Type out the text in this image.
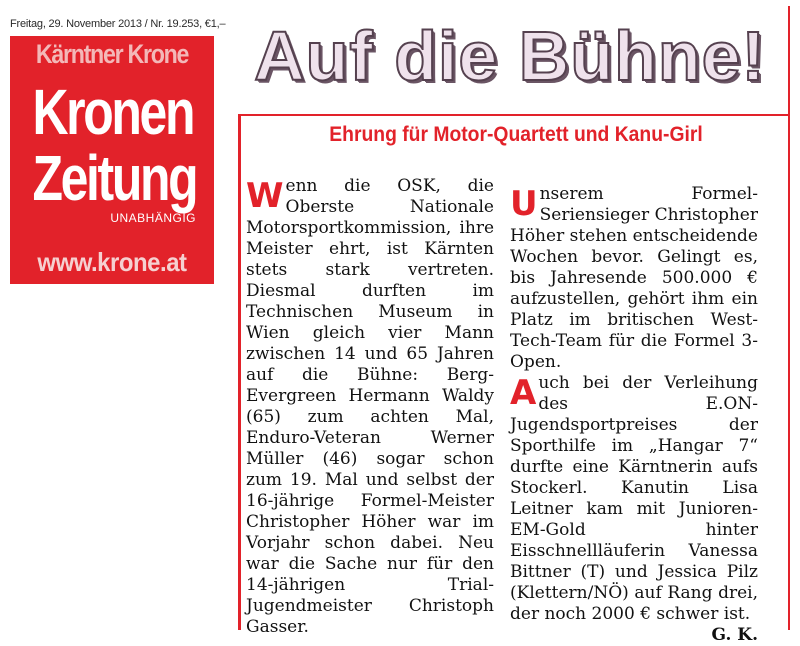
Freitag, 29. November 2013 / Nr. 19.253, €1,–
Kärntner Krone
Kronen
Zeitung
UNABHÄNGIG
www.krone.at
Auf die Bühne!
Ehrung für Motor-Quartett und Kanu-Girl

Wenn die OSK, die Oberste Nationale Motorsportkommission, ihre Meister ehrt, ist Kärnten stets stark vertreten. Diesmal durften im Technischen Museum in Wien gleich vier Mann zwischen 14 und 65 Jahren auf die Bühne: Berg-Evergreen Hermann Waldy (65) zum achten Mal, Enduro-Veteran Werner Müller (46) sogar schon zum 19. Mal und selbst der 16-jährige Formel-Meister Christopher Höher war im Vorjahr schon dabei. Neu war die Sache nur für den 14-jährigen Trial-Jugendmeister Christoph Gasser.

Unserem Formel-Seriensieger Christopher Höher stehen entscheidende Wochen bevor. Gelingt es, bis Jahresende 500.000 € aufzustellen, gehört ihm ein Platz im britischen West-Tech-Team für die Formel 3-Open.

Auch bei der Verleihung des E.ON-Jugendsportpreises der Sporthilfe im „Hangar 7“ durfte eine Kärntnerin aufs Stockerl. Kanutin Lisa Leitner kam mit Junioren-EM-Gold hinter Eisschnellläuferin Vanessa Bittner (T) und Jessica Pilz (Klettern/NÖ) auf Rang drei, der noch 2000 € schwer ist.
G. K.
